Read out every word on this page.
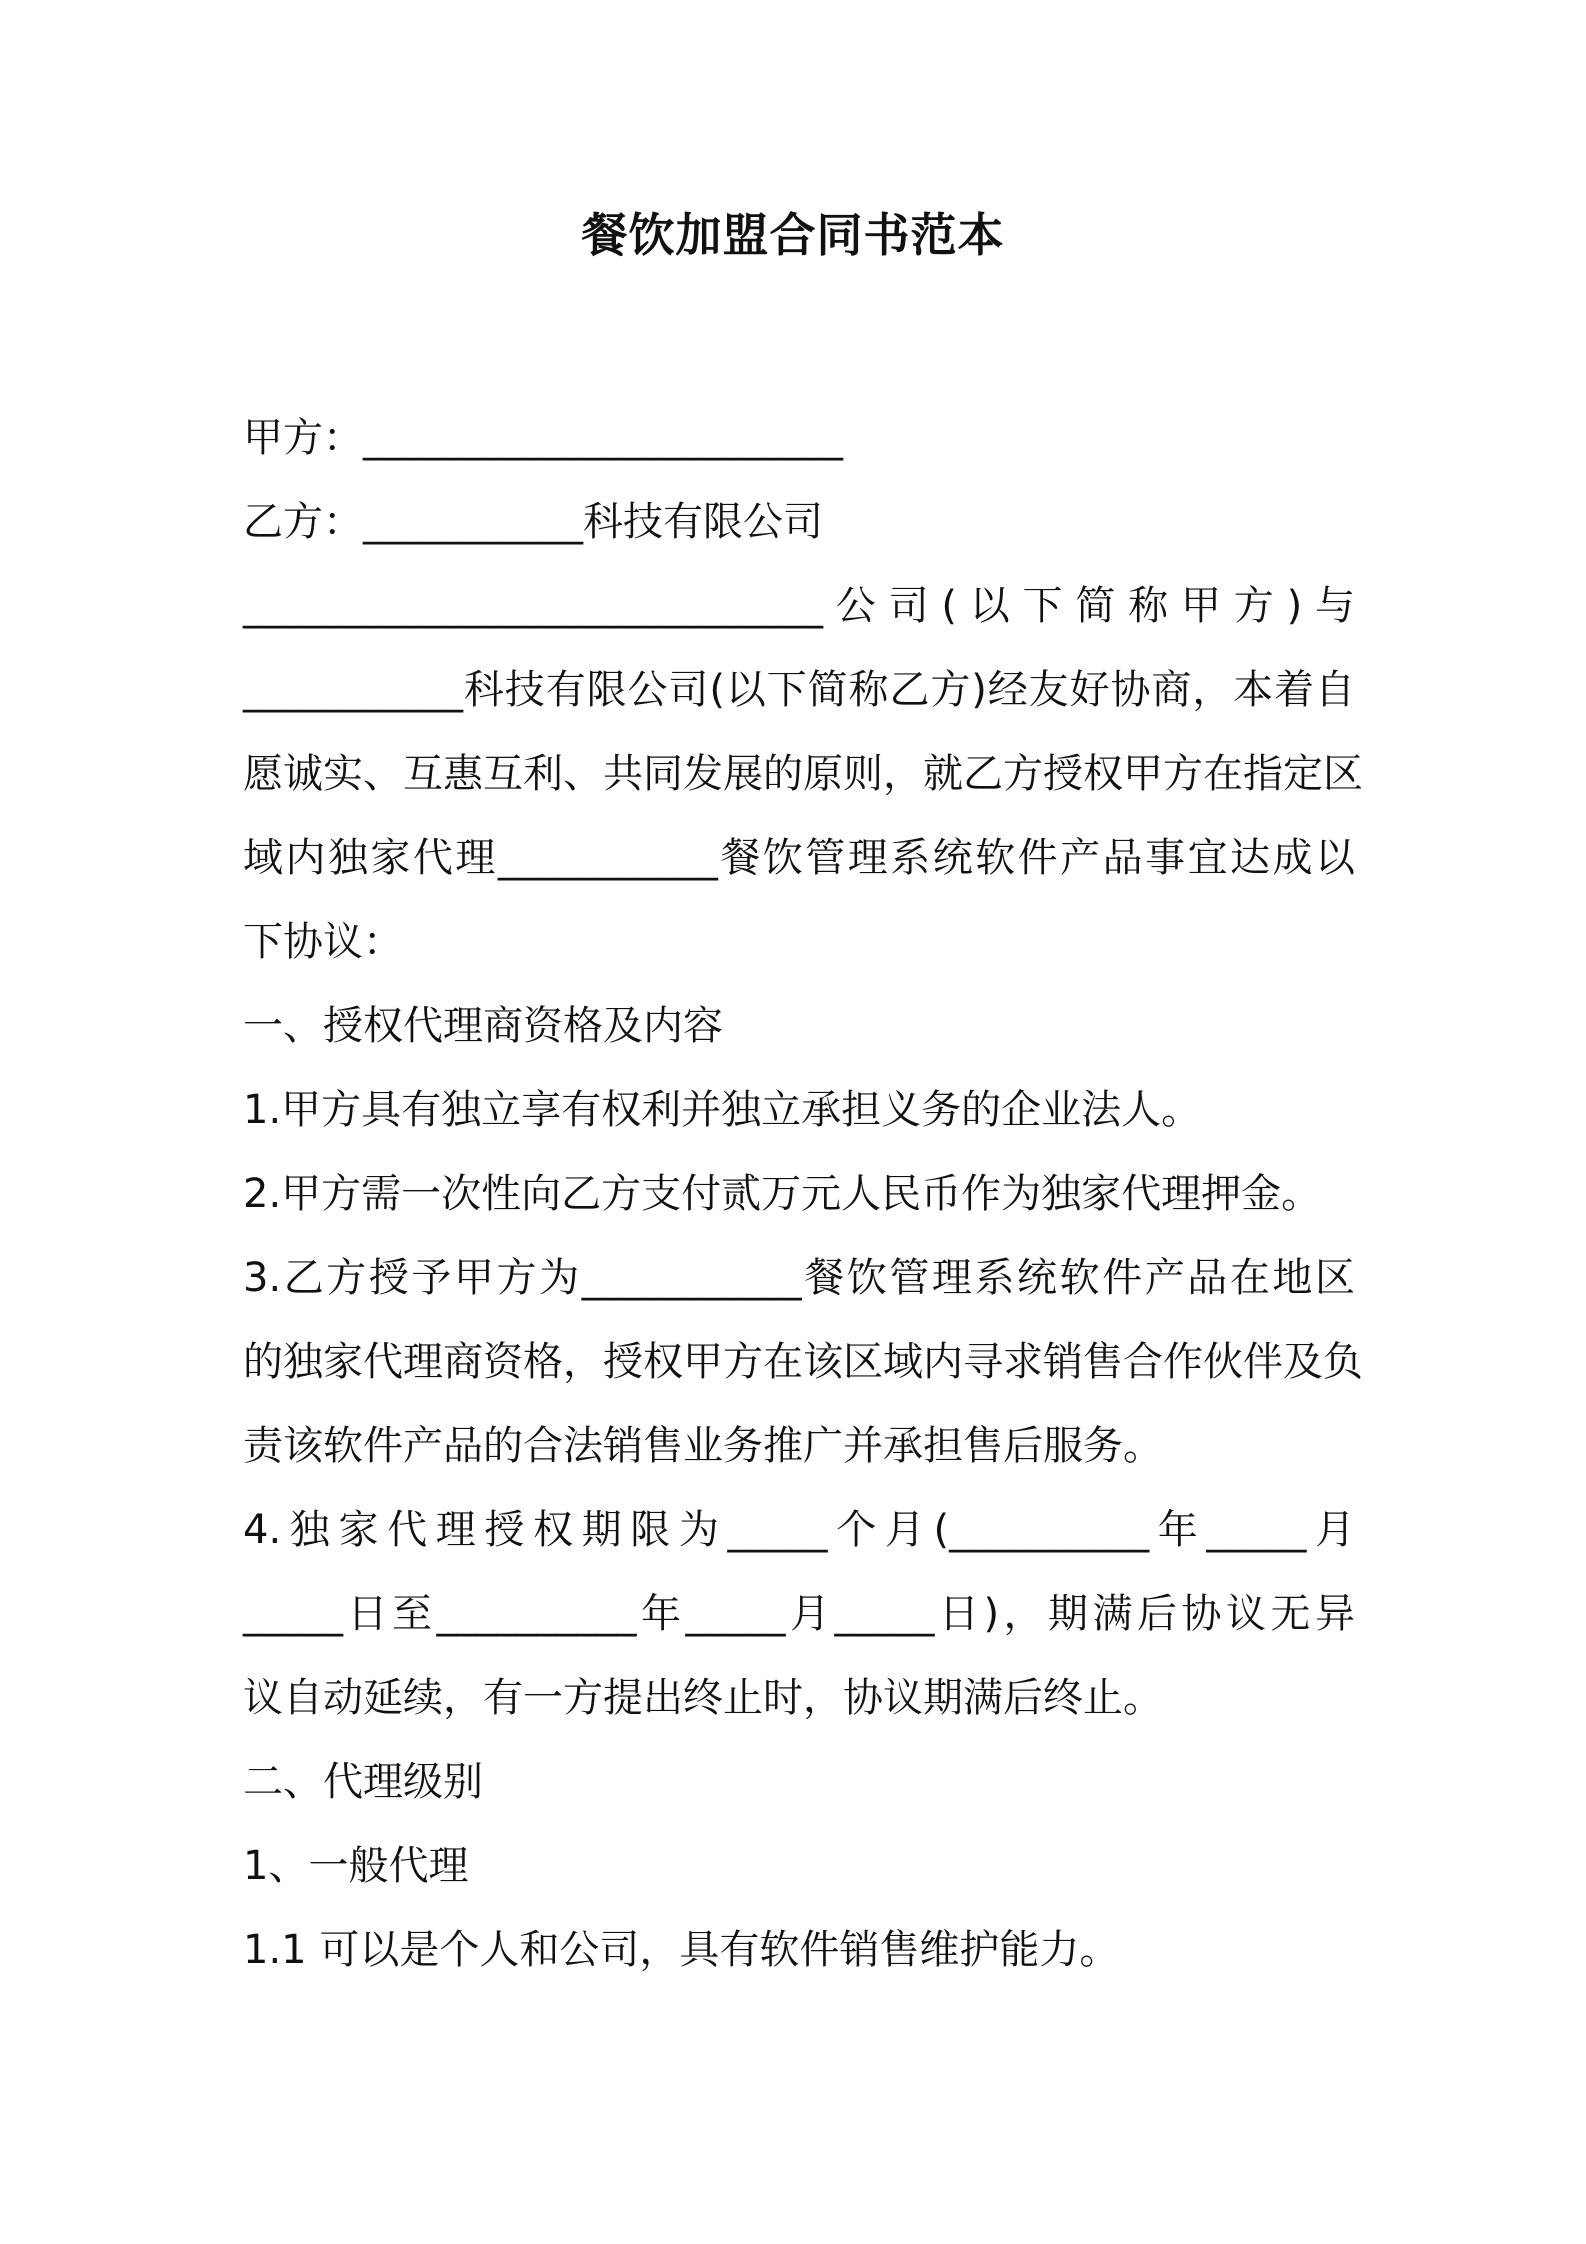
餐饮加盟合同书范本

甲方：________________________

乙方：___________科技有限公司

_____________________________公司(以下简称甲方)与

___________科技有限公司(以下简称乙方)经友好协商，本着自

愿诚实、互惠互利、共同发展的原则，就乙方授权甲方在指定区

域内独家代理___________餐饮管理系统软件产品事宜达成以

下协议：

一、授权代理商资格及内容

1.甲方具有独立享有权利并独立承担义务的企业法人。

2.甲方需一次性向乙方支付贰万元人民币作为独家代理押金。

3.乙方授予甲方为___________餐饮管理系统软件产品在地区

的独家代理商资格，授权甲方在该区域内寻求销售合作伙伴及负

责该软件产品的合法销售业务推广并承担售后服务。

4.独家代理授权期限为_____个月(__________年_____月

_____日至__________年_____月_____日)，期满后协议无异

议自动延续，有一方提出终止时，协议期满后终止。

二、代理级别

1、一般代理

1.1 可以是个人和公司，具有软件销售维护能力。
